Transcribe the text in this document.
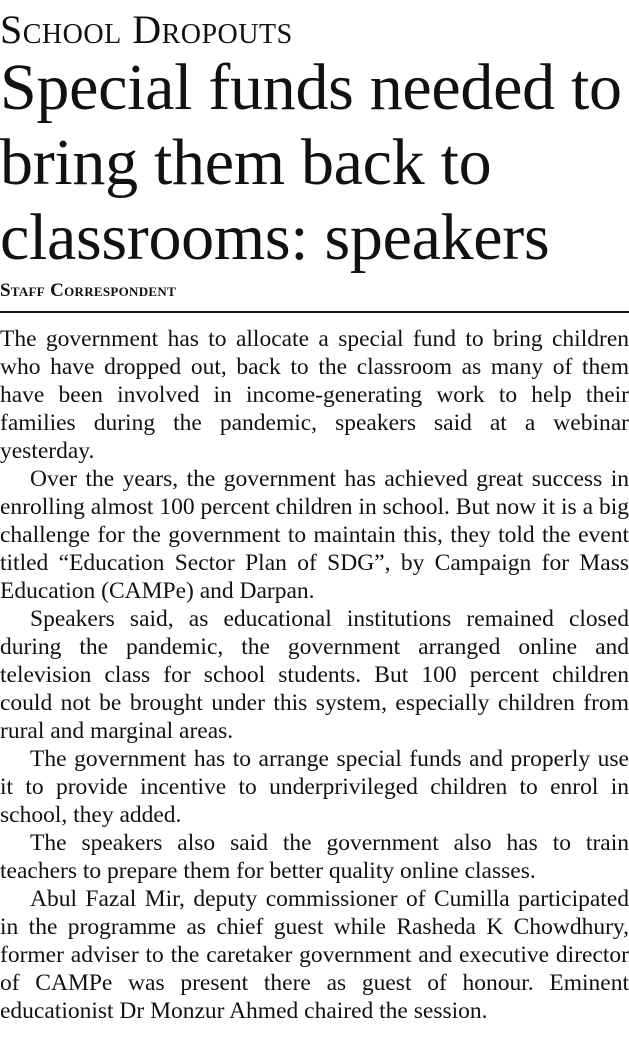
School Dropouts
Special funds needed to bring them back to classrooms: speakers
Staff Correspondent

The government has to allocate a special fund to bring children who have dropped out, back to the classroom as many of them have been involved in income-generating work to help their families during the pandemic, speakers said at a webinar yesterday.

Over the years, the government has achieved great success in enrolling almost 100 percent children in school. But now it is a big challenge for the government to maintain this, they told the event titled “Education Sector Plan of SDG”, by Campaign for Mass Education (CAMPe) and Darpan.

Speakers said, as educational institutions remained closed during the pandemic, the government arranged online and television class for school students. But 100 percent children could not be brought under this system, especially children from rural and marginal areas.

The government has to arrange special funds and properly use it to provide incentive to underprivileged children to enrol in school, they added.

The speakers also said the government also has to train teachers to prepare them for better quality online classes.

Abul Fazal Mir, deputy commissioner of Cumilla participated in the programme as chief guest while Rasheda K Chowdhury, former adviser to the caretaker government and executive director of CAMPe was present there as guest of honour. Eminent educationist Dr Monzur Ahmed chaired the session.
